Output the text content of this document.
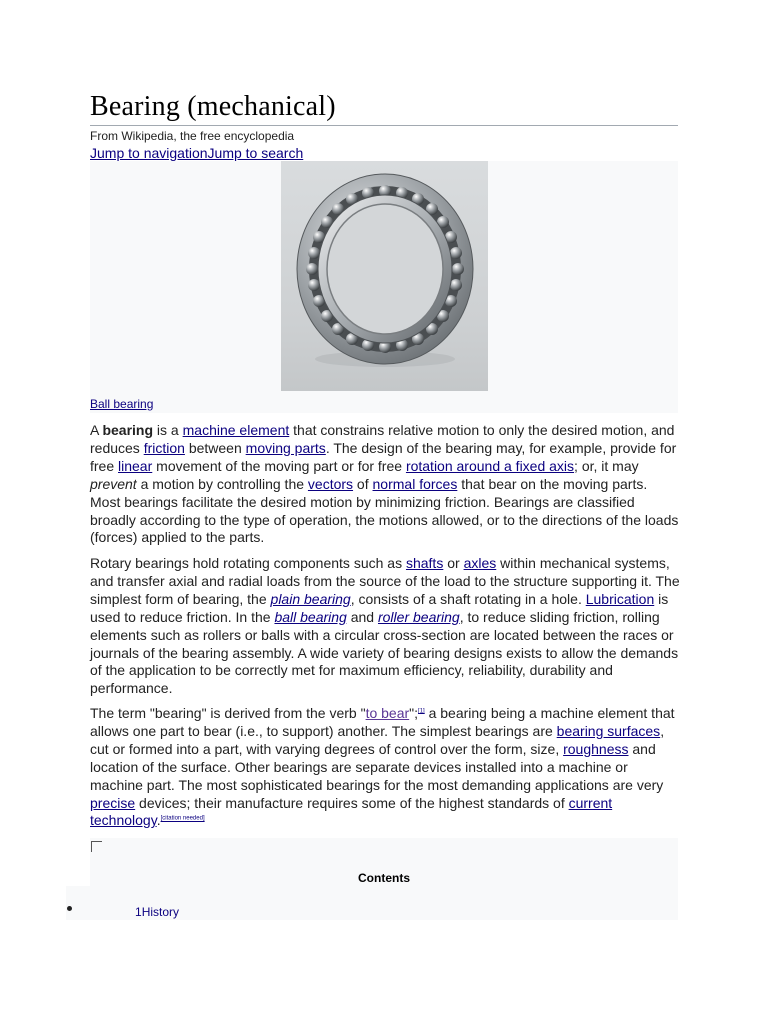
Bearing (mechanical)
From Wikipedia, the free encyclopedia
Jump to navigationJump to search
Ball bearing

A bearing is a machine element that constrains relative motion to only the desired motion, and reduces friction between moving parts. The design of the bearing may, for example, provide for free linear movement of the moving part or for free rotation around a fixed axis; or, it may prevent a motion by controlling the vectors of normal forces that bear on the moving parts. Most bearings facilitate the desired motion by minimizing friction. Bearings are classified broadly according to the type of operation, the motions allowed, or to the directions of the loads (forces) applied to the parts.

Rotary bearings hold rotating components such as shafts or axles within mechanical systems, and transfer axial and radial loads from the source of the load to the structure supporting it. The simplest form of bearing, the plain bearing, consists of a shaft rotating in a hole. Lubrication is used to reduce friction. In the ball bearing and roller bearing, to reduce sliding friction, rolling elements such as rollers or balls with a circular cross-section are located between the races or journals of the bearing assembly. A wide variety of bearing designs exists to allow the demands of the application to be correctly met for maximum efficiency, reliability, durability and performance.

The term "bearing" is derived from the verb "to bear";[1] a bearing being a machine element that allows one part to bear (i.e., to support) another. The simplest bearings are bearing surfaces, cut or formed into a part, with varying degrees of control over the form, size, roughness and location of the surface. Other bearings are separate devices installed into a machine or machine part. The most sophisticated bearings for the most demanding applications are very precise devices; their manufacture requires some of the highest standards of current technology.[citation needed]

Contents
1History
